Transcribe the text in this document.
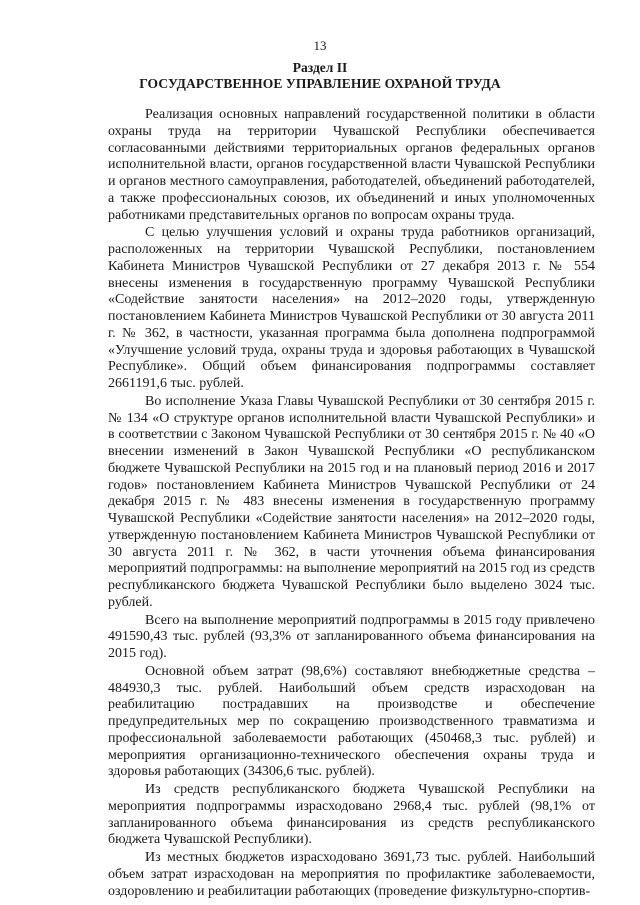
13
Раздел II
ГОСУДАРСТВЕННОЕ УПРАВЛЕНИЕ ОХРАНОЙ ТРУДА

Реализация основных направлений государственной политики в области охраны труда на территории Чувашской Республики обеспечивается согласованными действиями территориальных органов федеральных органов исполнительной власти, органов государственной власти Чувашской Республики и органов местного самоуправления, работодателей, объединений работодателей, а также профессиональных союзов, их объединений и иных уполномоченных работниками представительных органов по вопросам охраны труда.

С целью улучшения условий и охраны труда работников организаций, расположенных на территории Чувашской Республики, постановлением Кабинета Министров Чувашской Республики от 27 декабря 2013 г. № 554 внесены изменения в государственную программу Чувашской Республики «Содействие занятости населения» на 2012–2020 годы, утвержденную постановлением Кабинета Министров Чувашской Республики от 30 августа 2011 г. № 362, в частности, указанная программа была дополнена подпрограммой «Улучшение условий труда, охраны труда и здоровья работающих в Чувашской Республике». Общий объем финансирования подпрограммы составляет 2661191,6 тыс. рублей.

Во исполнение Указа Главы Чувашской Республики от 30 сентября 2015 г. № 134 «О структуре органов исполнительной власти Чувашской Республики» и в соответствии с Законом Чувашской Республики от 30 сентября 2015 г. № 40 «О внесении изменений в Закон Чувашской Республики «О республиканском бюджете Чувашской Республики на 2015 год и на плановый период 2016 и 2017 годов» постановлением Кабинета Министров Чувашской Республики от 24 декабря 2015 г. № 483 внесены изменения в государственную программу Чувашской Республики «Содействие занятости населения» на 2012–2020 годы, утвержденную постановлением Кабинета Министров Чувашской Республики от 30 августа 2011 г. № 362, в части уточнения объема финансирования мероприятий подпрограммы: на выполнение мероприятий на 2015 год из средств республиканского бюджета Чувашской Республики было выделено 3024 тыс. рублей.

Всего на выполнение мероприятий подпрограммы в 2015 году привлечено 491590,43 тыс. рублей (93,3% от запланированного объема финансирования на 2015 год).

Основной объем затрат (98,6%) составляют внебюджетные средства – 484930,3 тыс. рублей. Наибольший объем средств израсходован на реабилитацию пострадавших на производстве и обеспечение предупредительных мер по сокращению производственного травматизма и профессиональной заболеваемости работающих (450468,3 тыс. рублей) и мероприятия организационно-технического обеспечения охраны труда и здоровья работающих (34306,6 тыс. рублей).

Из средств республиканского бюджета Чувашской Республики на мероприятия подпрограммы израсходовано 2968,4 тыс. рублей (98,1% от запланированного объема финансирования из средств республиканского бюджета Чувашской Республики).

Из местных бюджетов израсходовано 3691,73 тыс. рублей. Наибольший объем затрат израсходован на мероприятия по профилактике заболеваемости, оздоровлению и реабилитации работающих (проведение физкультурно-спортив-
